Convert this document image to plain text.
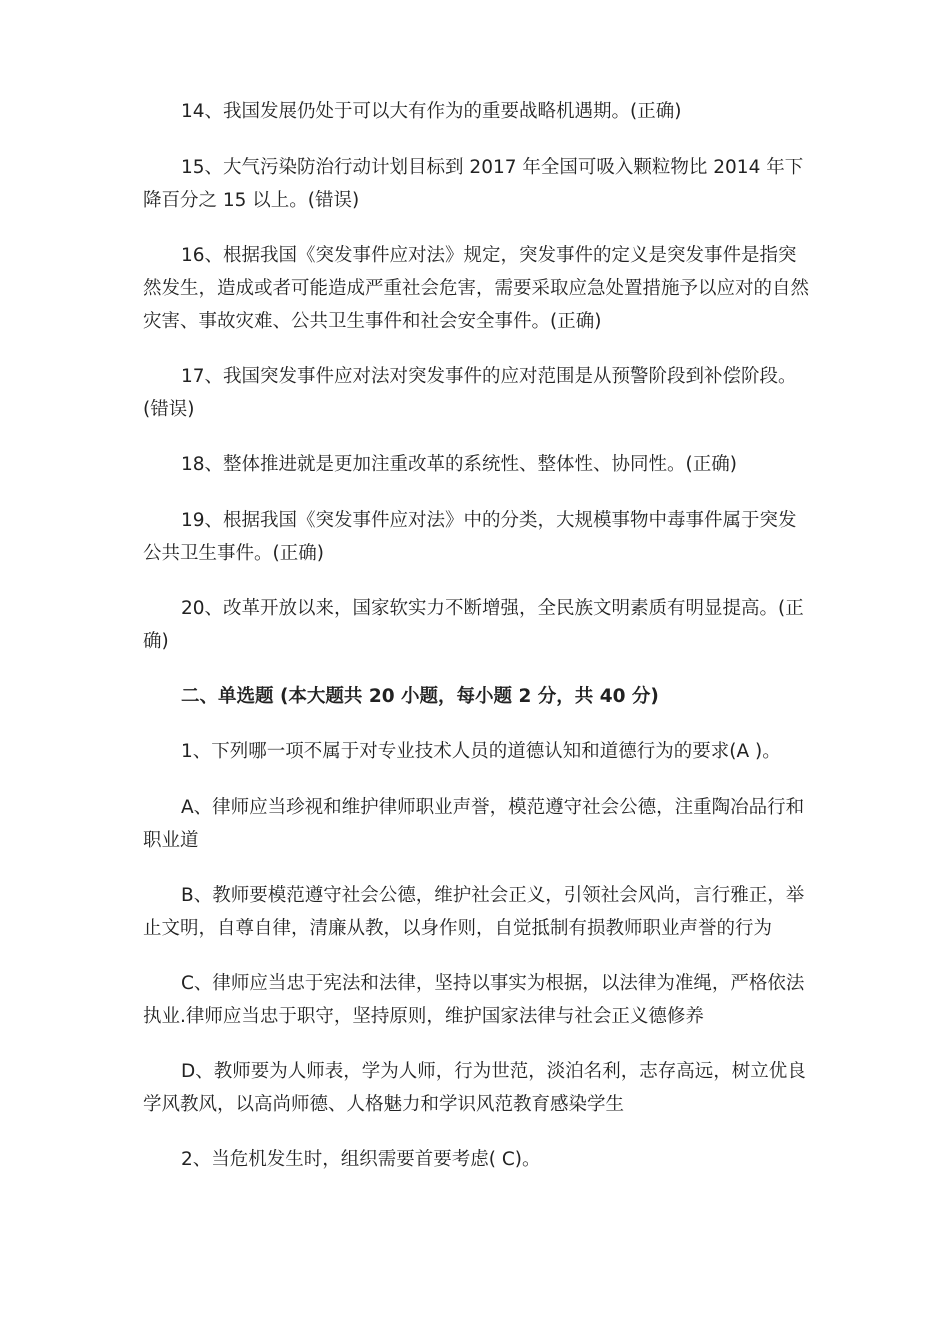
14、我国发展仍处于可以大有作为的重要战略机遇期。(正确)

15、大气污染防治行动计划目标到 2017 年全国可吸入颗粒物比 2014 年下降百分之 15 以上。(错误)

16、根据我国《突发事件应对法》规定，突发事件的定义是突发事件是指突然发生，造成或者可能造成严重社会危害，需要采取应急处置措施予以应对的自然灾害、事故灾难、公共卫生事件和社会安全事件。(正确)

17、我国突发事件应对法对突发事件的应对范围是从预警阶段到补偿阶段。(错误)

18、整体推进就是更加注重改革的系统性、整体性、协同性。(正确)

19、根据我国《突发事件应对法》中的分类，大规模事物中毒事件属于突发公共卫生事件。(正确)

20、改革开放以来，国家软实力不断增强，全民族文明素质有明显提高。(正确)

二、单选题 (本大题共 20 小题，每小题 2 分，共 40 分)

1、下列哪一项不属于对专业技术人员的道德认知和道德行为的要求(A )。

A、律师应当珍视和维护律师职业声誉，模范遵守社会公德，注重陶冶品行和职业道

B、教师要模范遵守社会公德，维护社会正义，引领社会风尚，言行雅正，举止文明，自尊自律，清廉从教，以身作则，自觉抵制有损教师职业声誉的行为

C、律师应当忠于宪法和法律，坚持以事实为根据，以法律为准绳，严格依法执业.律师应当忠于职守，坚持原则，维护国家法律与社会正义德修养

D、教师要为人师表，学为人师，行为世范，淡泊名利，志存高远，树立优良学风教风，以高尚师德、人格魅力和学识风范教育感染学生

2、当危机发生时，组织需要首要考虑( C)。
